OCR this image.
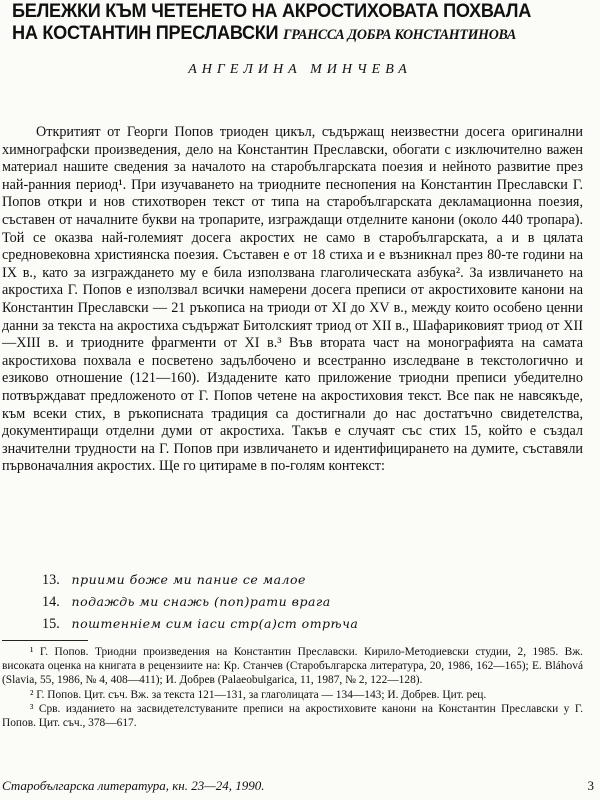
БЕЛЕЖКИ КЪМ ЧЕТЕНЕТО НА АКРОСТИХОВАТА ПОХВАЛА
НА КОСТАНТИН ПРЕСЛАВСКИ ГРАНССА ДОБРА КОНСТАНТИНОВА
АНГЕЛИНА МИНЧЕВА

Откритият от Георги Попов триоден цикъл, съдържащ неизвестни досега оригинални химнографски произведения, дело на Константин Преславски, обогати с изключително важен материал нашите сведения за началото на старобългарската поезия и нейното развитие през най-ранния период¹. При изучаването на триодните песнопения на Константин Преславски Г. Попов откри и нов стихотворен текст от типа на старобългарската декламационна поезия, съставен от началните букви на тропарите, изграждащи отделните канони (около 440 тропара). Той се оказва най-големият досега акростих не само в старобългарската, а и в цялата средновековна християнска поезия. Съставен е от 18 стиха и е възникнал през 80-те години на IX в., като за изграждането му е била използвана глаголическата азбука². За извличането на акростиха Г. Попов е използвал всички намерени досега преписи от акростиховите канони на Константин Преславски — 21 ръкописа на триоди от XI до XV в., между които особено ценни данни за текста на акростиха съдържат Битолският триод от XII в., Шафариковият триод от XII—XIII в. и триодните фрагменти от XI в.³ Във втората част на монографията на самата акростихова похвала е посветено задълбочено и всестранно изследване в текстологично и езиково отношение (121—160). Издадените като приложение триодни преписи убедително потвърждават предложеното от Г. Попов четене на акростиховия текст. Все пак не навсякъде, към всеки стих, в ръкописната традиция са достигнали до нас достатъчно свидетелства, документиращи отделни думи от акростиха. Такъв е случаят със стих 15, който е създал значителни трудности на Г. Попов при извличането и идентифицирането на думите, съставяли първоначалния акростих. Ще го цитираме в по-голям контекст:

13. приими боже ми пание се малое
14. подаждь ми снажь (поп)рати врага
15. поштенніем сим іаси стр(а)ст отрѣча

¹ Г. Попов. Триодни произведения на Константин Преславски. Кирило-Методиевски студии, 2, 1985. Вж. високата оценка на книгата в рецензиите на: Кр. Станчев (Старобългарска литература, 20, 1986, 162—165); E. Bláhová (Slavia, 55, 1986, № 4, 408—411); И. Добрев (Palaeobulgarica, 11, 1987, № 2, 122—128).

² Г. Попов. Цит. съч. Вж. за текста 121—131, за глаголицата — 134—143; И. Добрев. Цит. рец.

³ Срв. изданието на засвидетелстуваните преписи на акростиховите канони на Константин Преславски у Г. Попов. Цит. съч., 378—617.

Старобългарска литература, кн. 23—24, 1990.	3
